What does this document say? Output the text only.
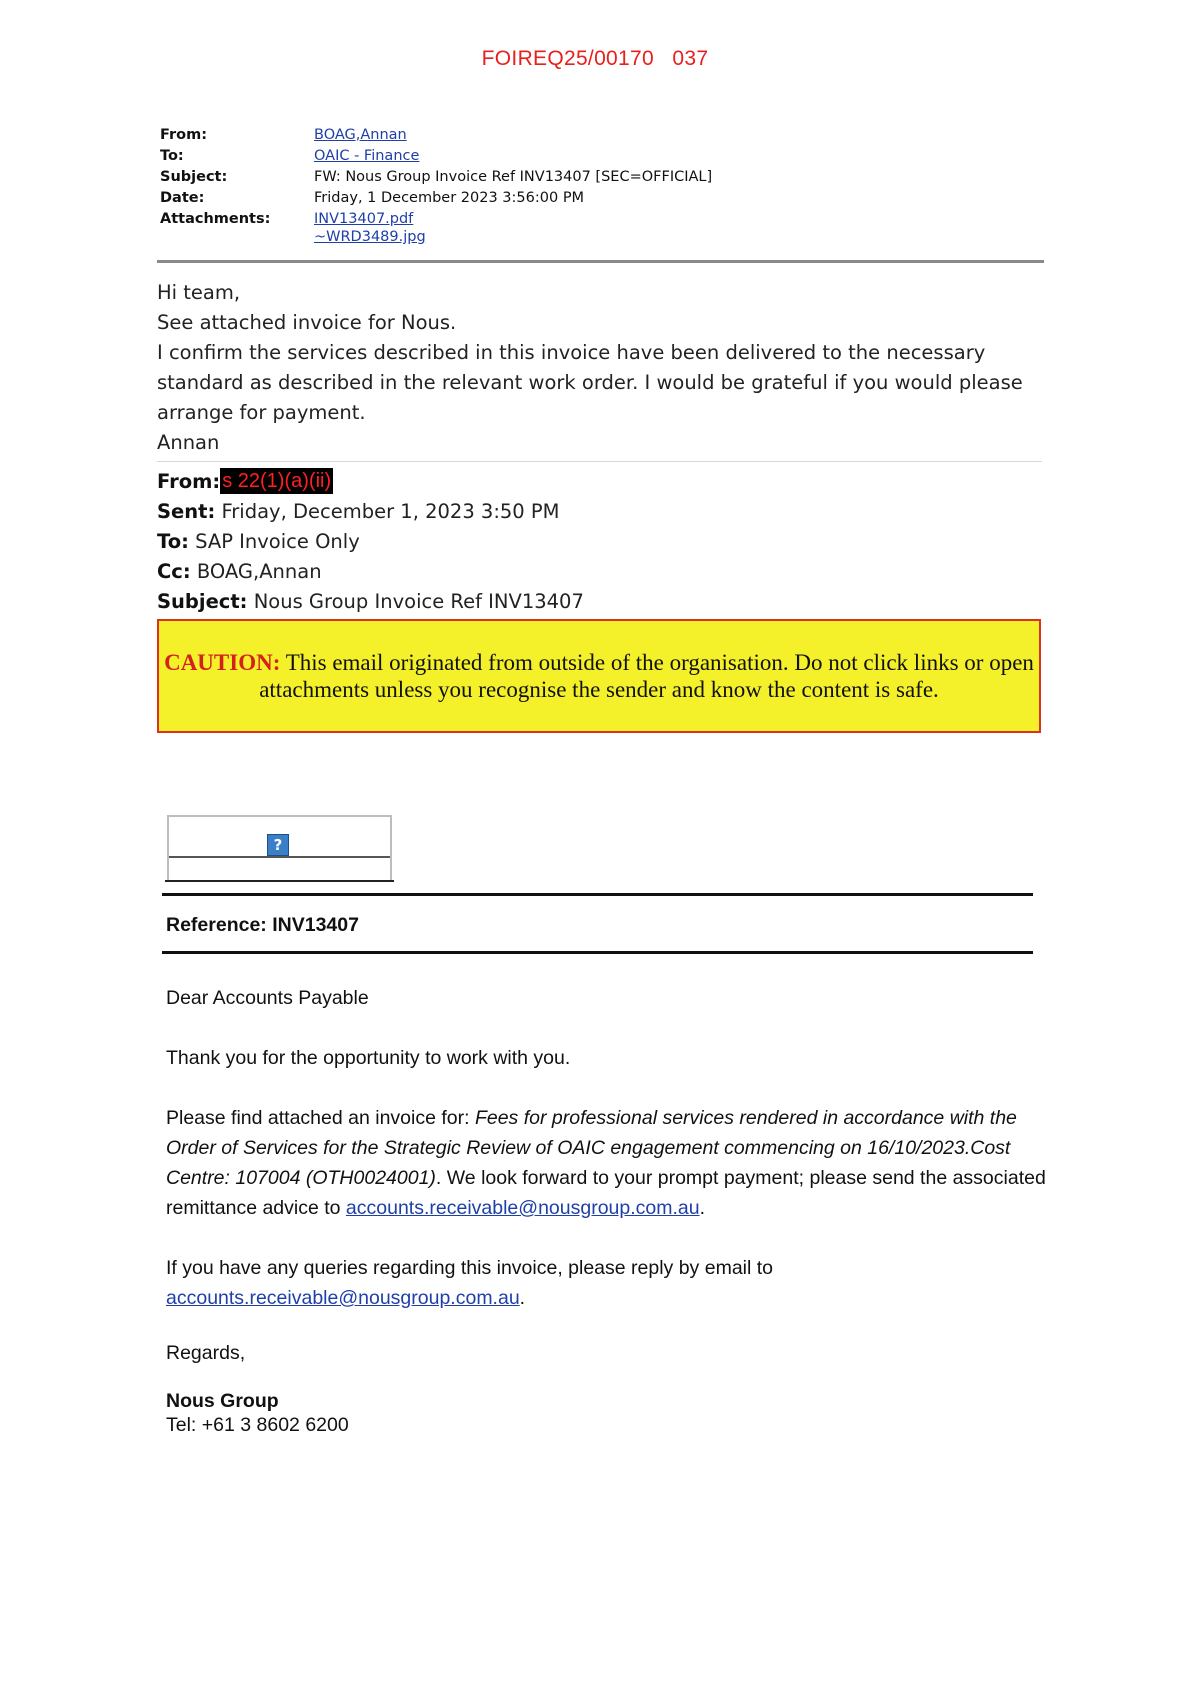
FOIREQ25/00170   037
From:	BOAG,Annan
To:	OAIC - Finance
Subject:	FW: Nous Group Invoice Ref INV13407 [SEC=OFFICIAL]
Date:	Friday, 1 December 2023 3:56:00 PM
Attachments:	INV13407.pdf
~WRD3489.jpg

Hi team,

See attached invoice for Nous.

I confirm the services described in this invoice have been delivered to the necessary standard as described in the relevant work order. I would be grateful if you would please arrange for payment.

Annan

From: s 22(1)(a)(ii)
Sent: Friday, December 1, 2023 3:50 PM
To: SAP Invoice Only
Cc: BOAG,Annan
Subject: Nous Group Invoice Ref INV13407
CAUTION: This email originated from outside of the organisation. Do not click links or open attachments unless you recognise the sender and know the content is safe.
?
Reference: INV13407
Dear Accounts Payable
Thank you for the opportunity to work with you.

Please find attached an invoice for: Fees for professional services rendered in accordance with the Order of Services for the Strategic Review of OAIC engagement commencing on 16/10/2023.Cost Centre: 107004 (OTH0024001). We look forward to your prompt payment; please send the associated remittance advice to accounts.receivable@nousgroup.com.au.

If you have any queries regarding this invoice, please reply by email to

accounts.receivable@nousgroup.com.au.

Regards,
Nous Group
Tel: +61 3 8602 6200
